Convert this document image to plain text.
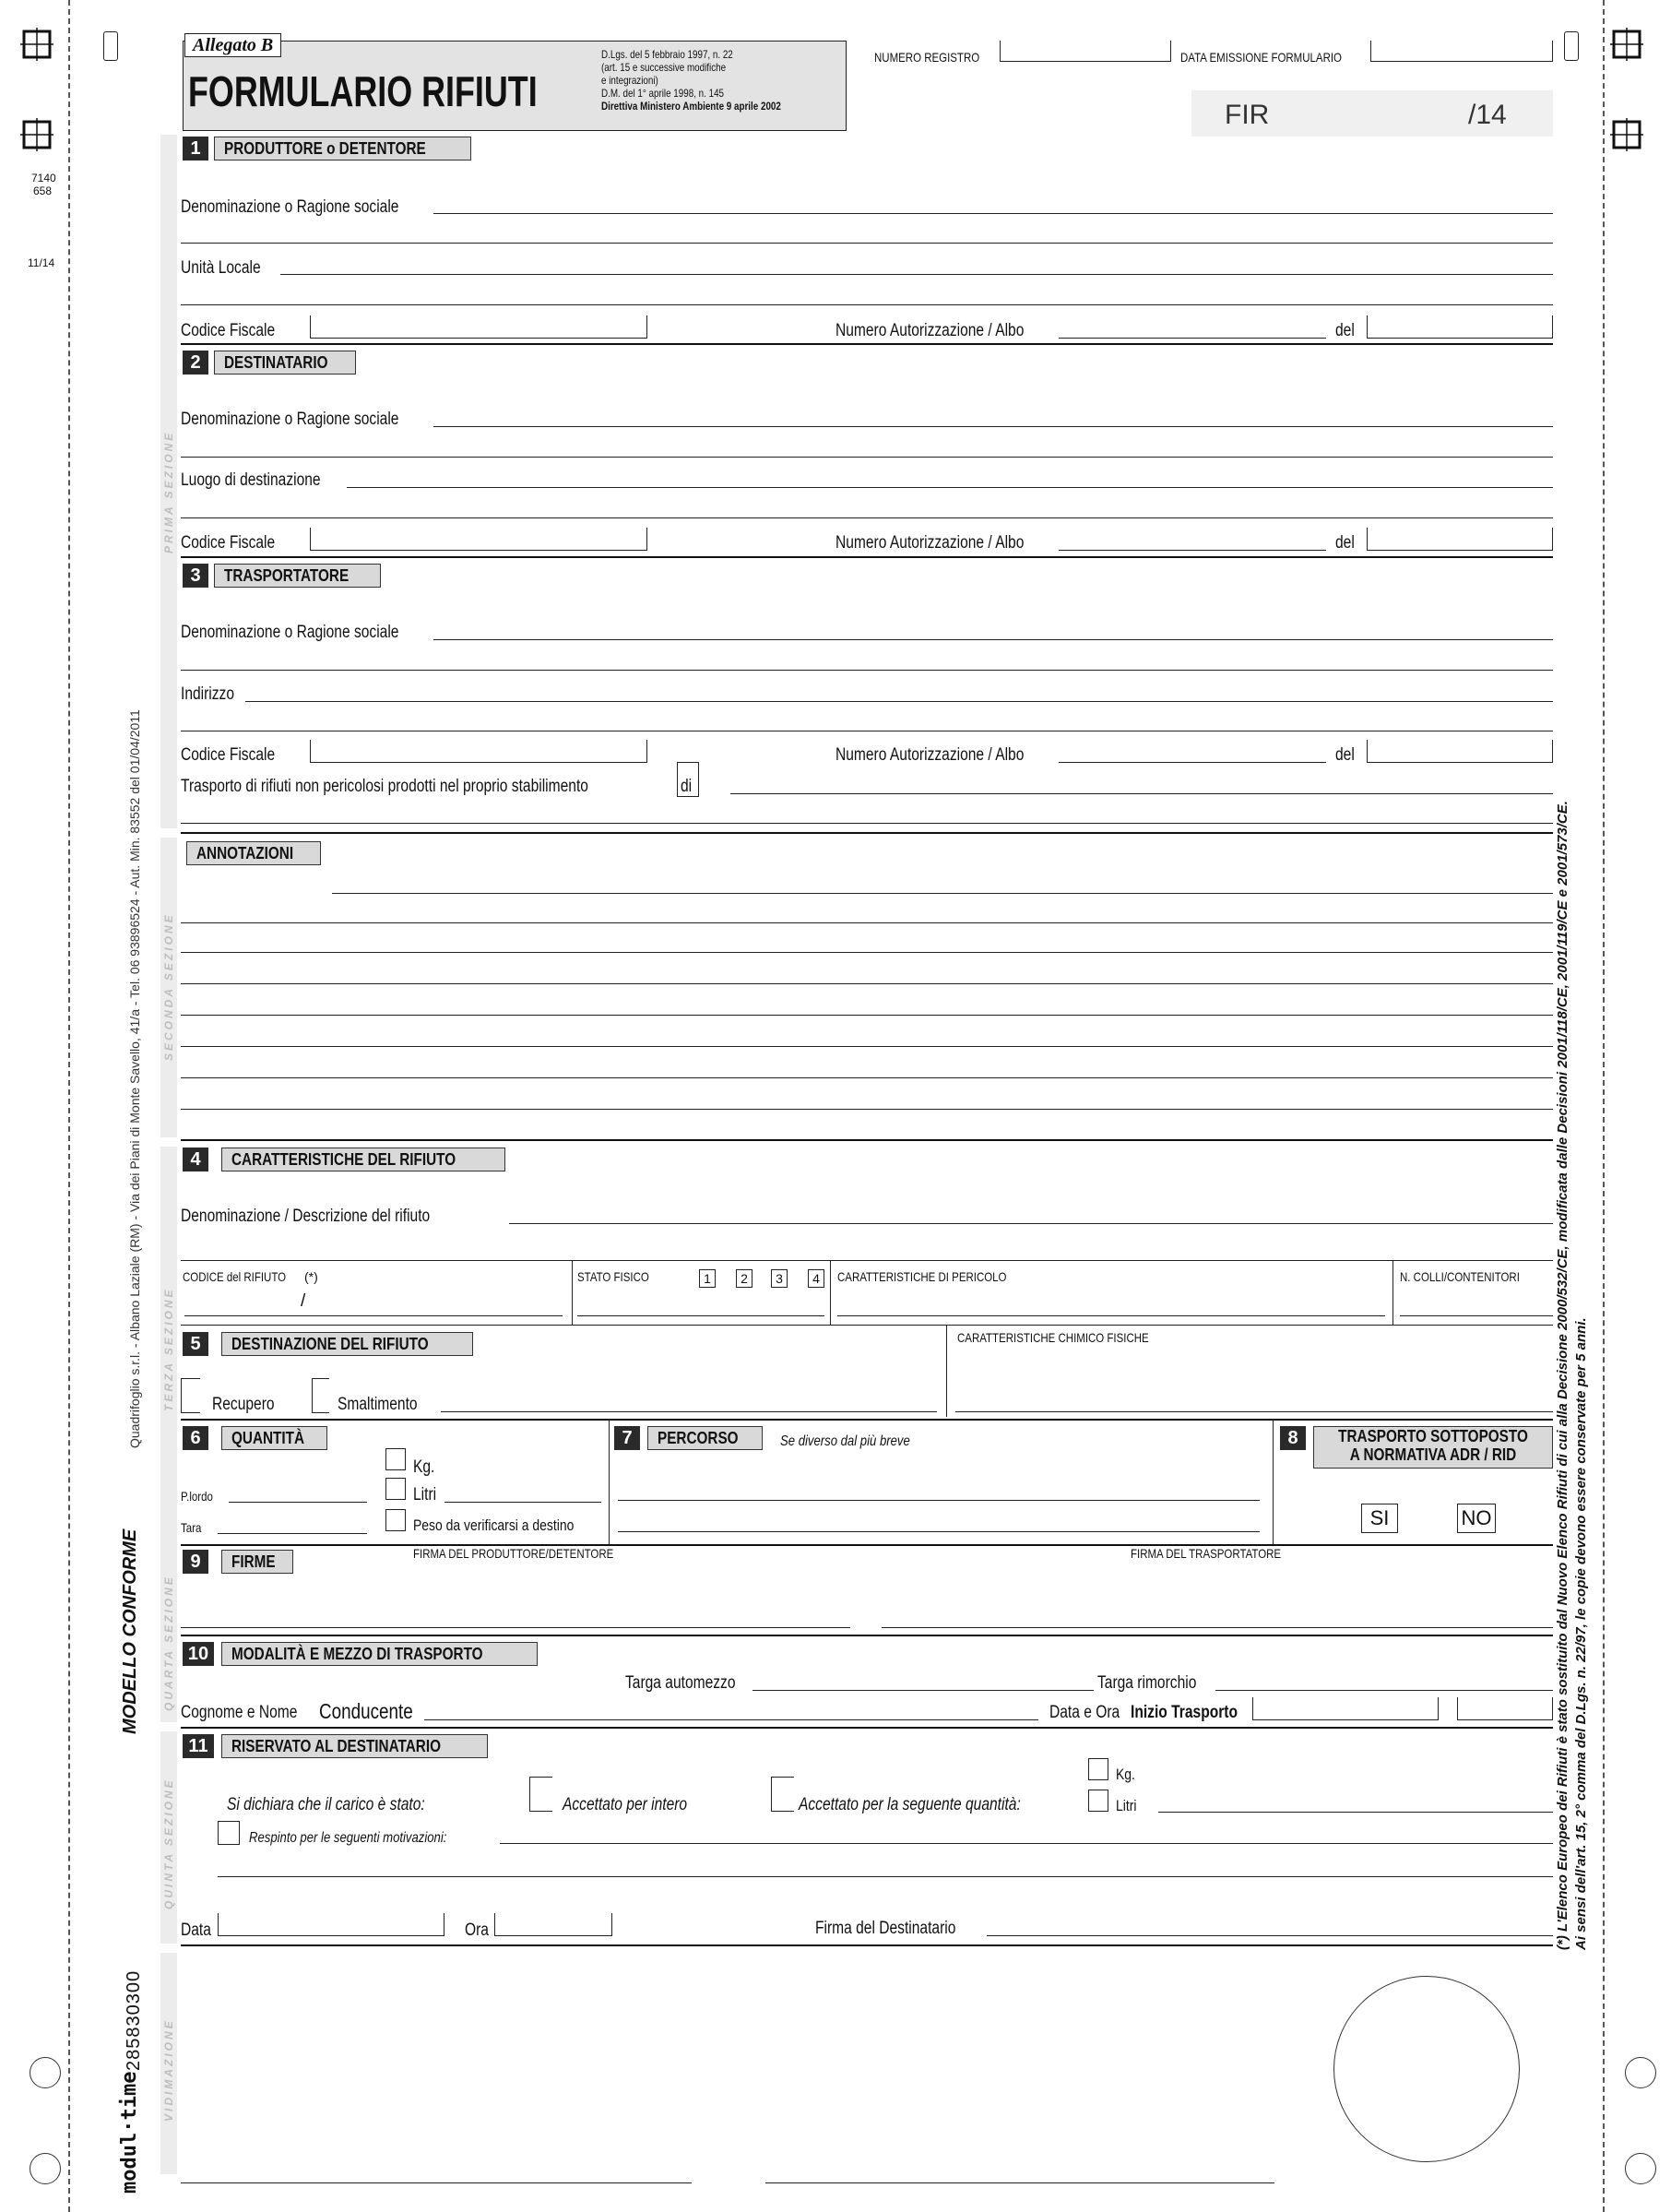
7140
658
11/14
Quadrifoglio s.r.l. - Albano Laziale (RM) - Via dei Piani di Monte Savello, 41/a - Tel. 06 93896524 - Aut. Min. 83552 del 01/04/2011
MODELLO CONFORME
285830300
modul·time
PRIMA SEZIONE
SECONDA SEZIONE
TERZA SEZIONE
QUARTA SEZIONE
QUINTA SEZIONE
VIDIMAZIONE
Allegato B
FORMULARIO RIFIUTI
D.Lgs. del 5 febbraio 1997, n. 22
(art. 15 e successive modifiche
e integrazioni)
D.M. del 1° aprile 1998, n. 145
Direttiva Ministero Ambiente 9 aprile 2002
NUMERO REGISTRO	DATA EMISSIONE FORMULARIO
FIR	/14
1	PRODUTTORE o DETENTORE
Denominazione o Ragione sociale
Unità Locale
Codice Fiscale	Numero Autorizzazione / Albo	del
2	DESTINATARIO
Denominazione o Ragione sociale
Luogo di destinazione
Codice Fiscale	Numero Autorizzazione / Albo	del
3	TRASPORTATORE
Denominazione o Ragione sociale
Indirizzo
Codice Fiscale	Numero Autorizzazione / Albo	del
Trasporto di rifiuti non pericolosi prodotti nel proprio stabilimento	di
ANNOTAZIONI
4	CARATTERISTICHE DEL RIFIUTO
Denominazione / Descrizione del rifiuto
CODICE del RIFIUTO (*)
/
STATO FISICO	1	2	3	4	CARATTERISTICHE DI PERICOLO	N. COLLI/CONTENITORI
5	DESTINAZIONE DEL RIFIUTO	CARATTERISTICHE CHIMICO FISICHE
Recupero	Smaltimento
6	QUANTITÀ
Kg.
Litri
P.lordo
Tara	Peso da verificarsi a destino
7	PERCORSO	Se diverso dal più breve	8	TRASPORTO SOTTOPOSTO
A NORMATIVA ADR / RID
SI	NO
9	FIRME	FIRMA DEL PRODUTTORE/DETENTORE	FIRMA DEL TRASPORTATORE
10	MODALITÀ E MEZZO DI TRASPORTO
Targa automezzo	Targa rimorchio
Cognome e Nome Conducente	Data e Ora Inizio Trasporto
11	RISERVATO AL DESTINATARIO
Si dichiara che il carico è stato:	Accettato per intero	Accettato per la seguente quantità:
Kg.
Litri
Respinto per le seguenti motivazioni:
Data	Ora	Firma del Destinatario	(*) L'Elenco Europeo dei Rifiuti è stato sostituito dal Nuovo Elenco Rifiuti di cui alla Decisione 2000/532/CE, modificata dalle Decisioni 2001/118/CE, 2001/119/CE e 2001/573/CE. Ai sensi dell'art. 15, 2° comma del D.Lgs. n. 22/97, le copie devono essere conservate per 5 anni.
